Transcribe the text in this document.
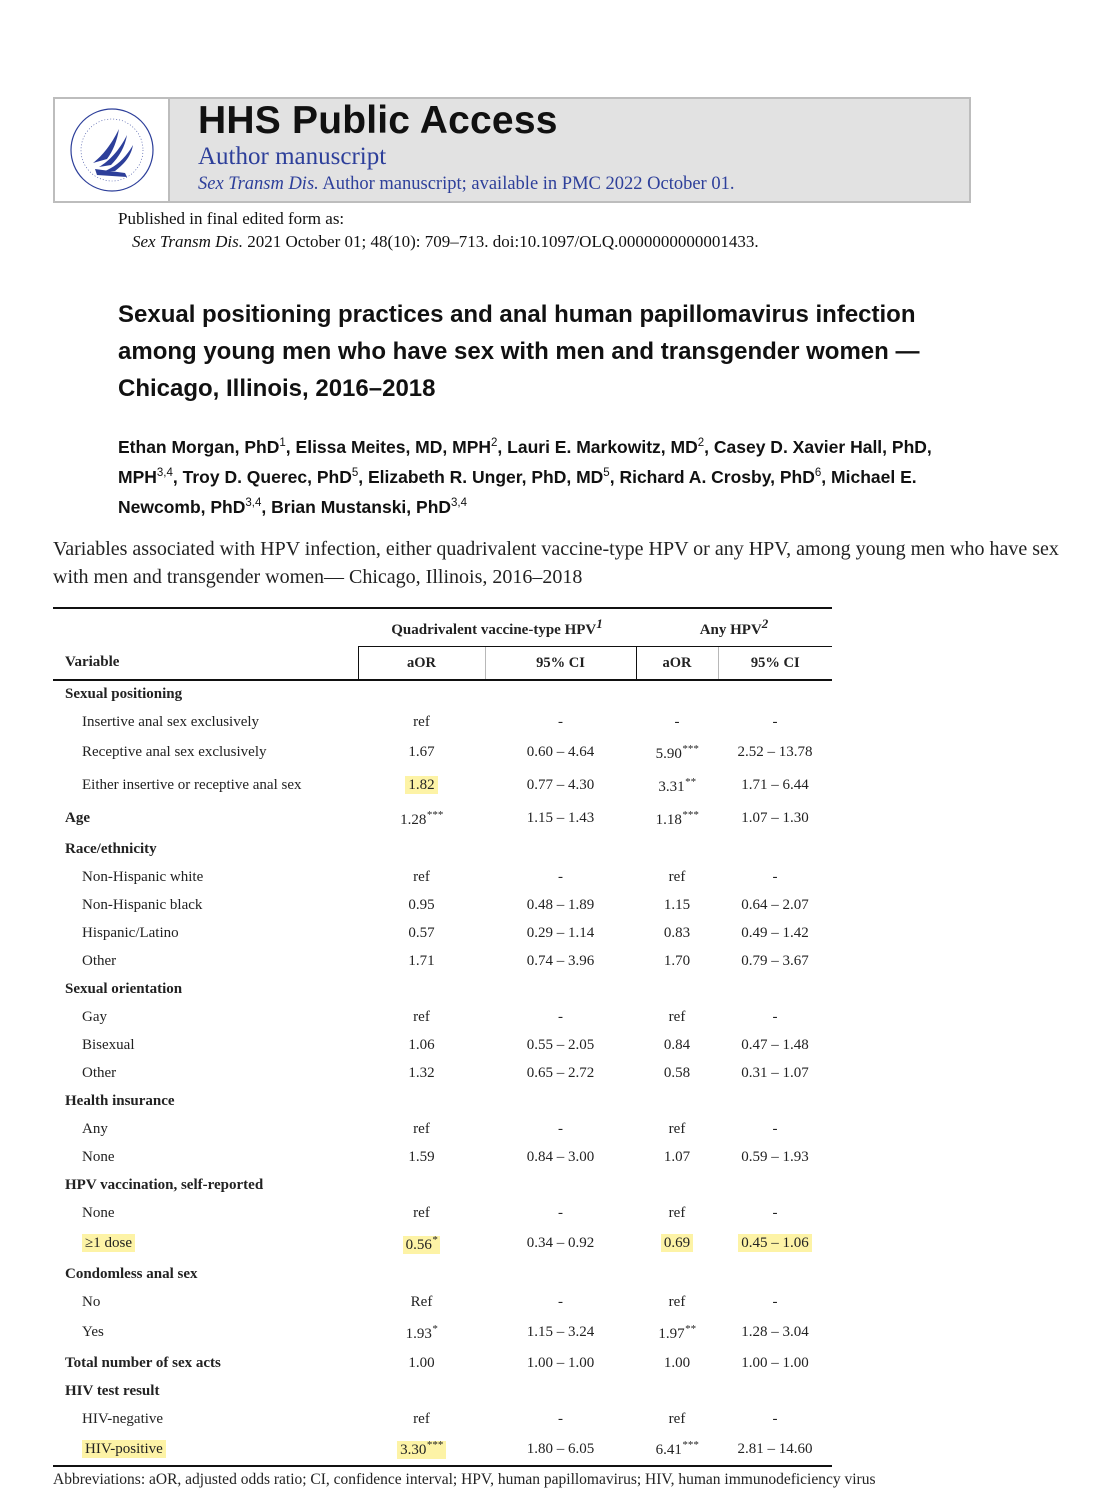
HHS Public Access
Author manuscript
Sex Transm Dis. Author manuscript; available in PMC 2022 October 01.
Published in final edited form as:
Sex Transm Dis. 2021 October 01; 48(10): 709–713. doi:10.1097/OLQ.0000000000001433.
Sexual positioning practices and anal human papillomavirus infection among young men who have sex with men and transgender women — Chicago, Illinois, 2016–2018
Ethan Morgan, PhD$^1$, Elissa Meites, MD, MPH$^2$, Lauri E. Markowitz, $MD^2$, Casey D. Xavier Hall, PhD, MPH$^{3,4}$, Troy D. Querec, PhD$^5$, Elizabeth R. Unger, PhD, $MD^5$, Richard A. Crosby, PhD$^6$, Michael E. Newcomb, PhD$^{3,4}$, Brian Mustanski, PhD$^{3,4}$
Variables associated with HPV infection, either quadrivalent vaccine-type HPV or any HPV, among young men who have sex with men and transgender women— Chicago, Illinois, 2016–2018
	Quadrivalent vaccine-type HPV$^1$		Any HPV$^2$
Variable	aOR	95% CI	aOR	95% CI
Sexual positioning				
Insertive anal sex exclusively	ref	-	-	-
Receptive anal sex exclusively	1.67	0.60 – 4.64	5.90***	2.52 – 13.78
Either insertive or receptive anal sex	1.82	0.77 – 4.30	3.31**	1.71 – 6.44
Age	1.28***	1.15 – 1.43	1.18***	1.07 – 1.30
Race/ethnicity				
Non-Hispanic white	ref	-	ref	-
Non-Hispanic black	0.95	0.48 – 1.89	1.15	0.64 – 2.07
Hispanic/Latino	0.57	0.29 – 1.14	0.83	0.49 – 1.42
Other	1.71	0.74 – 3.96	1.70	0.79 – 3.67
Sexual orientation				
Gay	ref	-	ref	-
Bisexual	1.06	0.55 – 2.05	0.84	0.47 – 1.48
Other	1.32	0.65 – 2.72	0.58	0.31 – 1.07
Health insurance				
Any	ref	-	ref	-
None	1.59	0.84 – 3.00	1.07	0.59 – 1.93
HPV vaccination, self-reported				
None	ref	-	ref	-
≥1 dose	0.56*	0.34 – 0.92	0.69	0.45 – 1.06
Condomless anal sex				
No	Ref	-	ref	-
Yes	1.93*	1.15 – 3.24	1.97**	1.28 – 3.04
Total number of sex acts	1.00	1.00 – 1.00	1.00	1.00 – 1.00
HIV test result				
HIV-negative	ref	-	ref	-
HIV-positive	3.30***	1.80 – 6.05	6.41***	2.81 – 14.60
Abbreviations: aOR, adjusted odds ratio; CI, confidence interval; HPV, human papillomavirus; HIV, human immunodeficiency virus
